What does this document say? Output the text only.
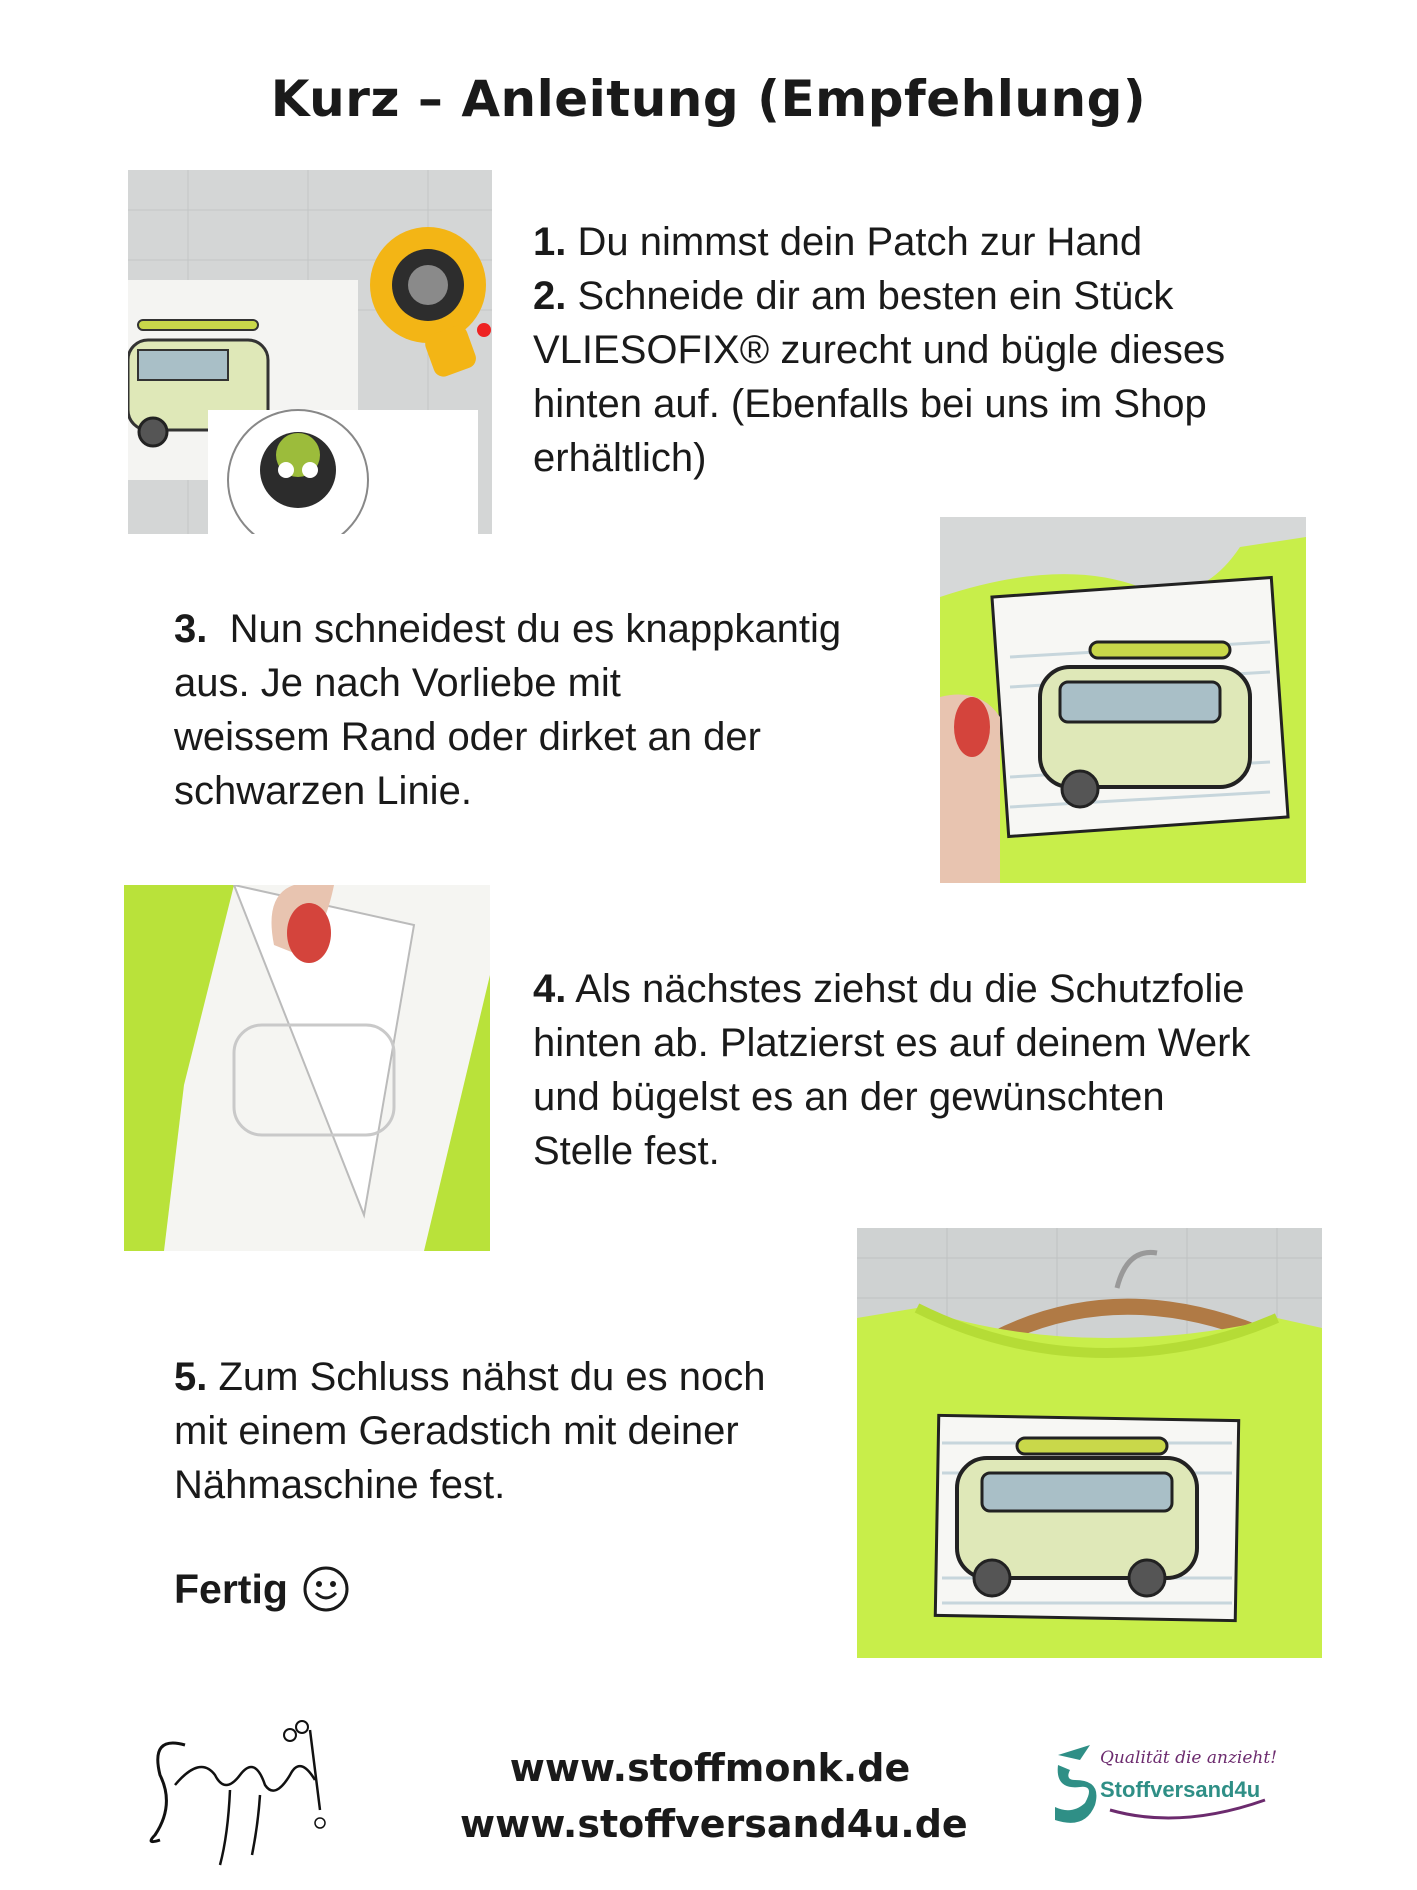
Kurz – Anleitung (Empfehlung)
1. Du nimmst dein Patch zur Hand
2. Schneide dir am besten ein Stück
VLIESOFIX® zurecht und bügle dieses
hinten auf. (Ebenfalls bei uns im Shop
erhältlich)
3. Nun schneidest du es knappkantig
aus. Je nach Vorliebe mit
weissem Rand oder dirket an der
schwarzen Linie.
4. Als nächstes ziehst du die Schutzfolie
hinten ab. Platzierst es auf deinem Werk
und bügelst es an der gewünschten
Stelle fest.
5. Zum Schluss nähst du es noch
mit einem Geradstich mit deiner
Nähmaschine fest.
Fertig
www.stoffmonk.de
www.stoffversand4u.de
Qualität die anzieht!
Stoffversand4u
